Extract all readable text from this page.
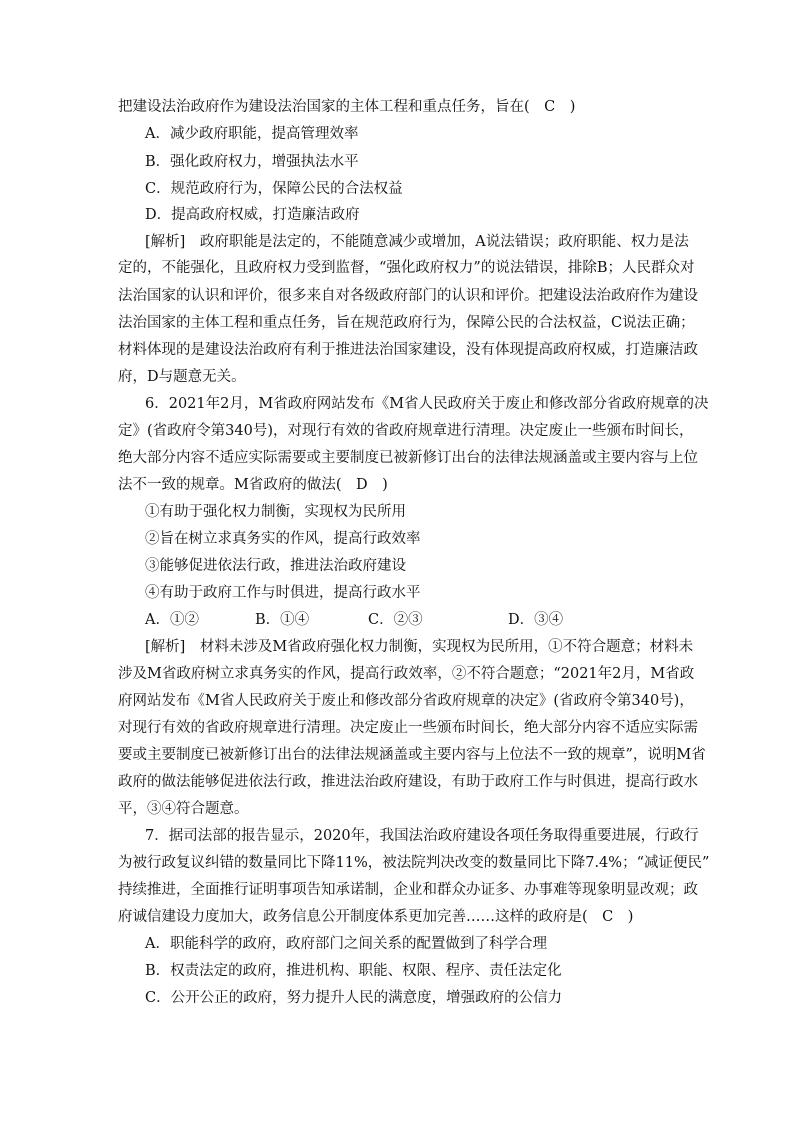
把建设法治政府作为建设法治国家的主体工程和重点任务，旨在(　C　)
A．减少政府职能，提高管理效率
B．强化政府权力，增强执法水平
C．规范政府行为，保障公民的合法权益
D．提高政府权威，打造廉洁政府
[解析]　政府职能是法定的，不能随意减少或增加，A说法错误；政府职能、权力是法
定的，不能强化，且政府权力受到监督，“强化政府权力”的说法错误，排除B；人民群众对
法治国家的认识和评价，很多来自对各级政府部门的认识和评价。把建设法治政府作为建设
法治国家的主体工程和重点任务，旨在规范政府行为，保障公民的合法权益，C说法正确；
材料体现的是建设法治政府有利于推进法治国家建设，没有体现提高政府权威，打造廉洁政
府，D与题意无关。
6．2021年2月，M省政府网站发布《M省人民政府关于废止和修改部分省政府规章的决
定》(省政府令第340号)，对现行有效的省政府规章进行清理。决定废止一些颁布时间长，
绝大部分内容不适应实际需要或主要制度已被新修订出台的法律法规涵盖或主要内容与上位
法不一致的规章。M省政府的做法(　D　)
①有助于强化权力制衡，实现权为民所用
②旨在树立求真务实的作风，提高行政效率
③能够促进依法行政，推进法治政府建设
④有助于政府工作与时俱进，提高行政水平
A．①②	B．①④	C．②③	D．③④
[解析]　材料未涉及M省政府强化权力制衡，实现权为民所用，①不符合题意；材料未
涉及M省政府树立求真务实的作风，提高行政效率，②不符合题意；“2021年2月，M省政
府网站发布《M省人民政府关于废止和修改部分省政府规章的决定》(省政府令第340号)，
对现行有效的省政府规章进行清理。决定废止一些颁布时间长，绝大部分内容不适应实际需
要或主要制度已被新修订出台的法律法规涵盖或主要内容与上位法不一致的规章”，说明M省
政府的做法能够促进依法行政，推进法治政府建设，有助于政府工作与时俱进，提高行政水
平，③④符合题意。
7．据司法部的报告显示，2020年，我国法治政府建设各项任务取得重要进展，行政行
为被行政复议纠错的数量同比下降11%，被法院判决改变的数量同比下降7.4%；“减证便民”
持续推进，全面推行证明事项告知承诺制，企业和群众办证多、办事难等现象明显改观；政
府诚信建设力度加大，政务信息公开制度体系更加完善……这样的政府是(　C　)
A．职能科学的政府，政府部门之间关系的配置做到了科学合理
B．权责法定的政府，推进机构、职能、权限、程序、责任法定化
C．公开公正的政府，努力提升人民的满意度，增强政府的公信力
